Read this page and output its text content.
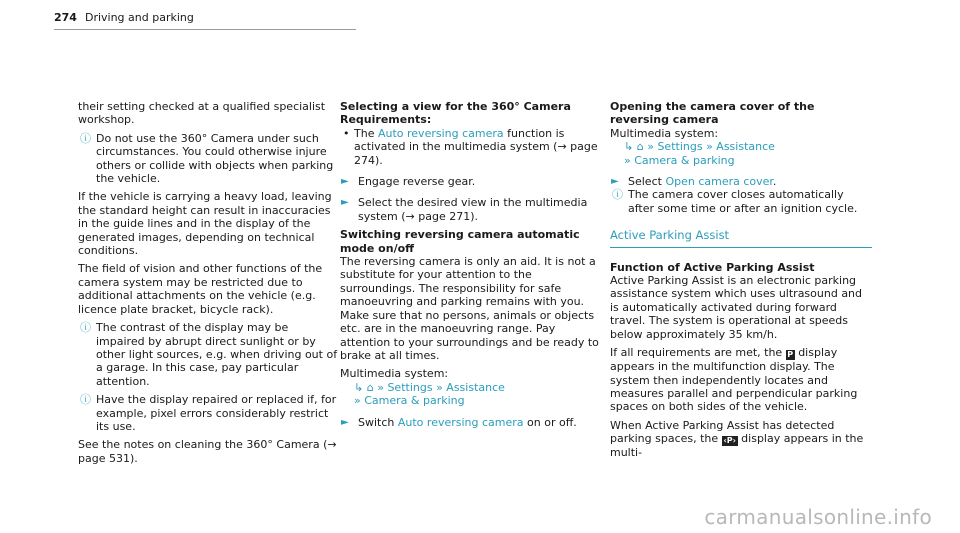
274 Driving and parking

their setting checked at a qualified specialist workshop.

ⓘ Do not use the 360° Camera under such circumstances. You could otherwise injure others or collide with objects when parking the vehicle.

If the vehicle is carrying a heavy load, leaving the standard height can result in inaccuracies in the guide lines and in the display of the generated images, depending on technical conditions.

The field of vision and other functions of the camera system may be restricted due to additional attachments on the vehicle (e.g. licence plate bracket, bicycle rack).

ⓘ The contrast of the display may be impaired by abrupt direct sunlight or by other light sources, e.g. when driving out of a garage. In this case, pay particular attention.
ⓘ Have the display repaired or replaced if, for example, pixel errors considerably restrict its use.

See the notes on cleaning the 360° Camera (→ page 531).

Selecting a view for the 360° Camera

Requirements:

• The Auto reversing camera function is activated in the multimedia system (→ page 274).
► Engage reverse gear.
► Select the desired view in the multimedia system (→ page 271).

Switching reversing camera automatic mode on/off

The reversing camera is only an aid. It is not a substitute for your attention to the surroundings. The responsibility for safe manoeuvring and parking remains with you. Make sure that no persons, animals or objects etc. are in the manoeuvring range. Pay attention to your surroundings and be ready to brake at all times.

Multimedia system:

↳ ⌂ » Settings » Assistance
» Camera & parking
► Switch Auto reversing camera on or off.

Opening the camera cover of the reversing camera

Multimedia system:

↳ ⌂ » Settings » Assistance
» Camera & parking
► Select Open camera cover.
ⓘ The camera cover closes automatically after some time or after an ignition cycle.
Active Parking Assist

Function of Active Parking Assist

Active Parking Assist is an electronic parking assistance system which uses ultrasound and is automatically activated during forward travel. The system is operational at speeds below approximately 35 km/h.

If all requirements are met, the P display appears in the multifunction display. The system then independently locates and measures parallel and perpendicular parking spaces on both sides of the vehicle.

When Active Parking Assist has detected parking spaces, the ‹P› display appears in the multi-

carmanualsonline.info
